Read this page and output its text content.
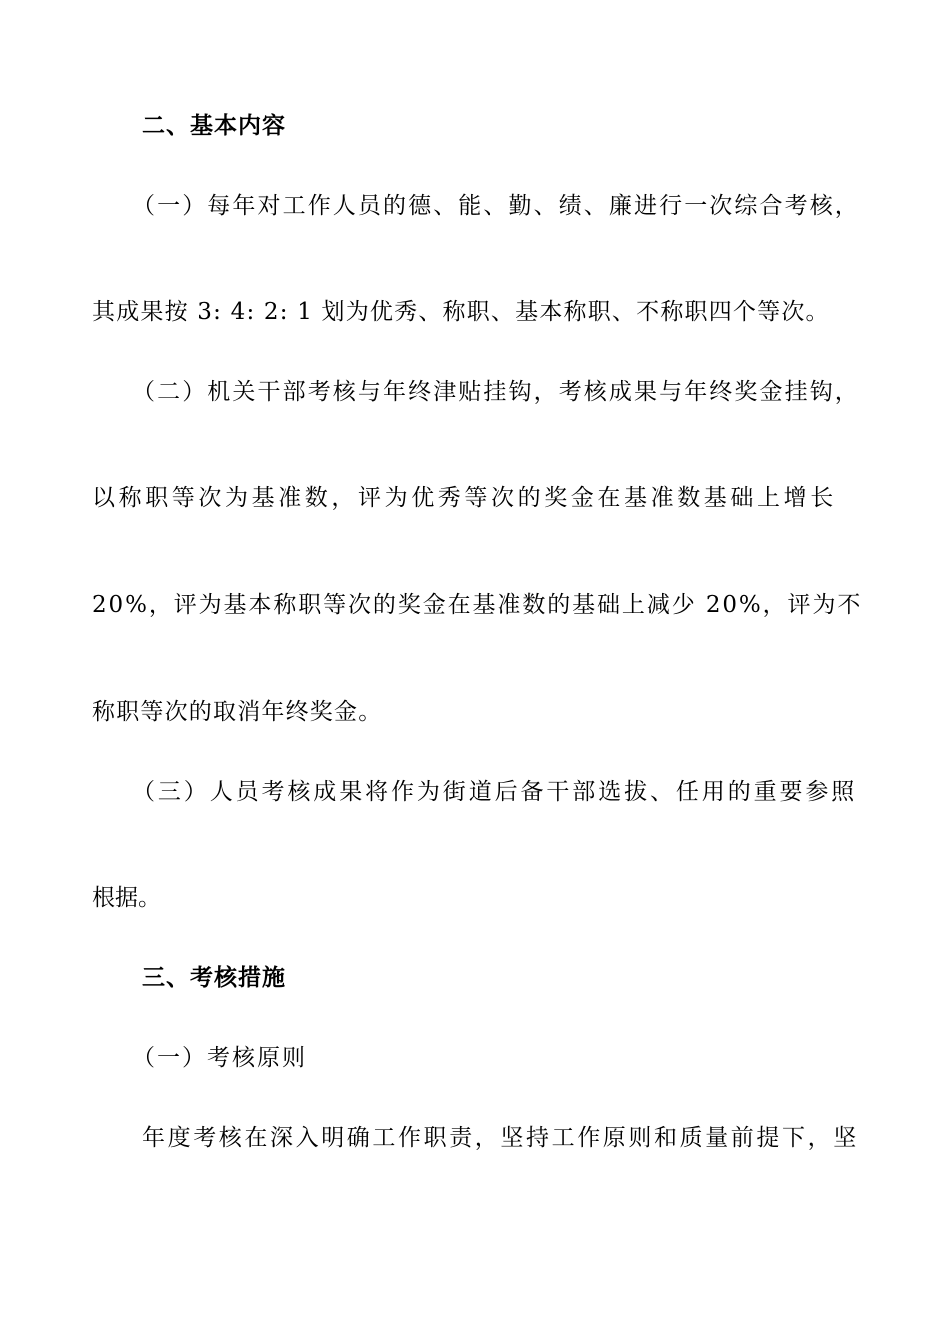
二、基本内容
（一）每年对工作人员的德、能、勤、绩、廉进行一次综合考核，
其成果按 3: 4: 2: 1 划为优秀、称职、基本称职、不称职四个等次。
（二）机关干部考核与年终津贴挂钩，考核成果与年终奖金挂钩，
以称职等次为基准数，评为优秀等次的奖金在基准数基础上增长
20%，评为基本称职等次的奖金在基准数的基础上减少 20%，评为不
称职等次的取消年终奖金。
（三）人员考核成果将作为街道后备干部选拔、任用的重要参照
根据。
三、考核措施
（一）考核原则
年度考核在深入明确工作职责，坚持工作原则和质量前提下，坚
